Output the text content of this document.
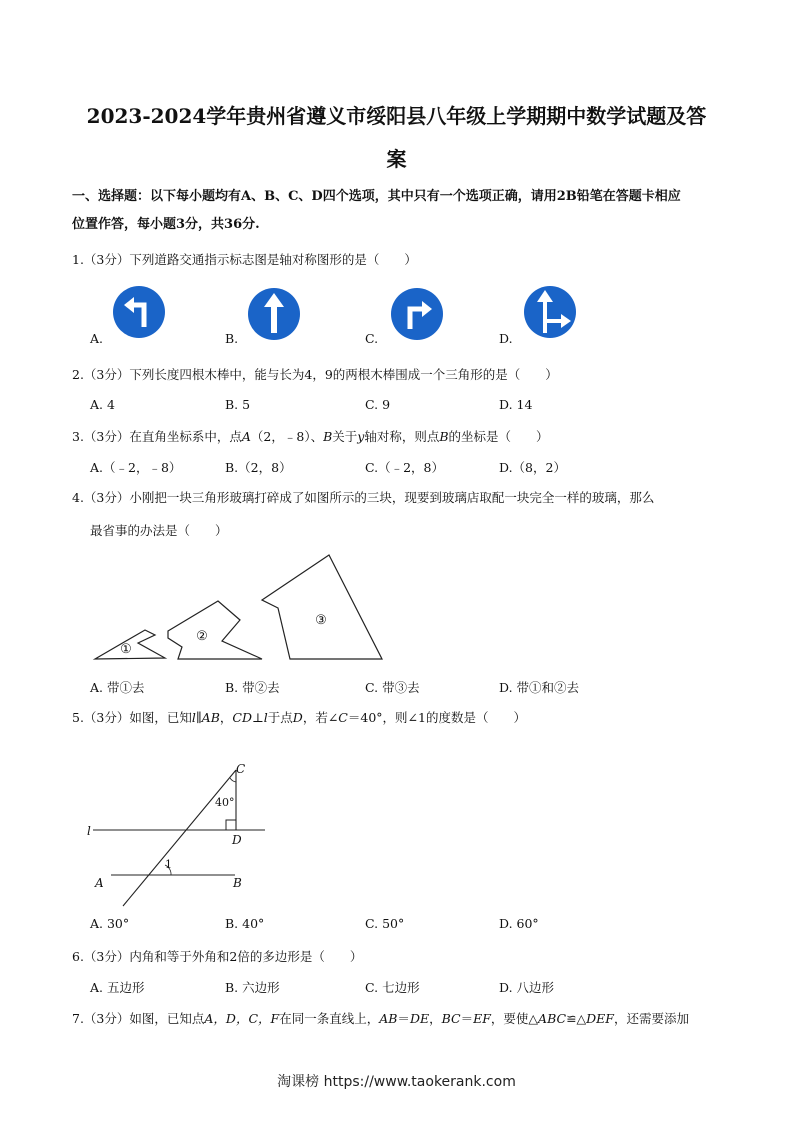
2023-2024学年贵州省遵义市绥阳县八年级上学期期中数学试题及答
案
一、选择题：以下每小题均有A、B、C、D四个选项，其中只有一个选项正确，请用2B铅笔在答题卡相应
位置作答，每小题3分，共36分.
1.（3分）下列道路交通指示标志图是轴对称图形的是（　　）
A.	B.	C.	D.
2.（3分）下列长度四根木棒中，能与长为4，9的两根木棒围成一个三角形的是（　　）
A. 4	B. 5	C. 9	D. 14
3.（3分）在直角坐标系中，点A（2，﹣8）、B关于y轴对称，则点B的坐标是（　　）
A.（﹣2，﹣8）	B.（2，8）	C.（﹣2，8）	D.（8，2）
4.（3分）小刚把一块三角形玻璃打碎成了如图所示的三块，现要到玻璃店取配一块完全一样的玻璃，那么
最省事的办法是（　　）
①
②
③
A. 带①去	B. 带②去	C. 带③去	D. 带①和②去
5.（3分）如图，已知l∥AB，CD⊥l于点D，若∠C＝40°，则∠1的度数是（　　）
C
40°
l
D
1
A	B
A. 30°	B. 40°	C. 50°	D. 60°
6.（3分）内角和等于外角和2倍的多边形是（　　）
A. 五边形	B. 六边形	C. 七边形	D. 八边形
7.（3分）如图，已知点A，D，C，F在同一条直线上，AB＝DE，BC＝EF，要使△ABC≌△DEF，还需要添加
淘课榜 https://www.taokerank.com
